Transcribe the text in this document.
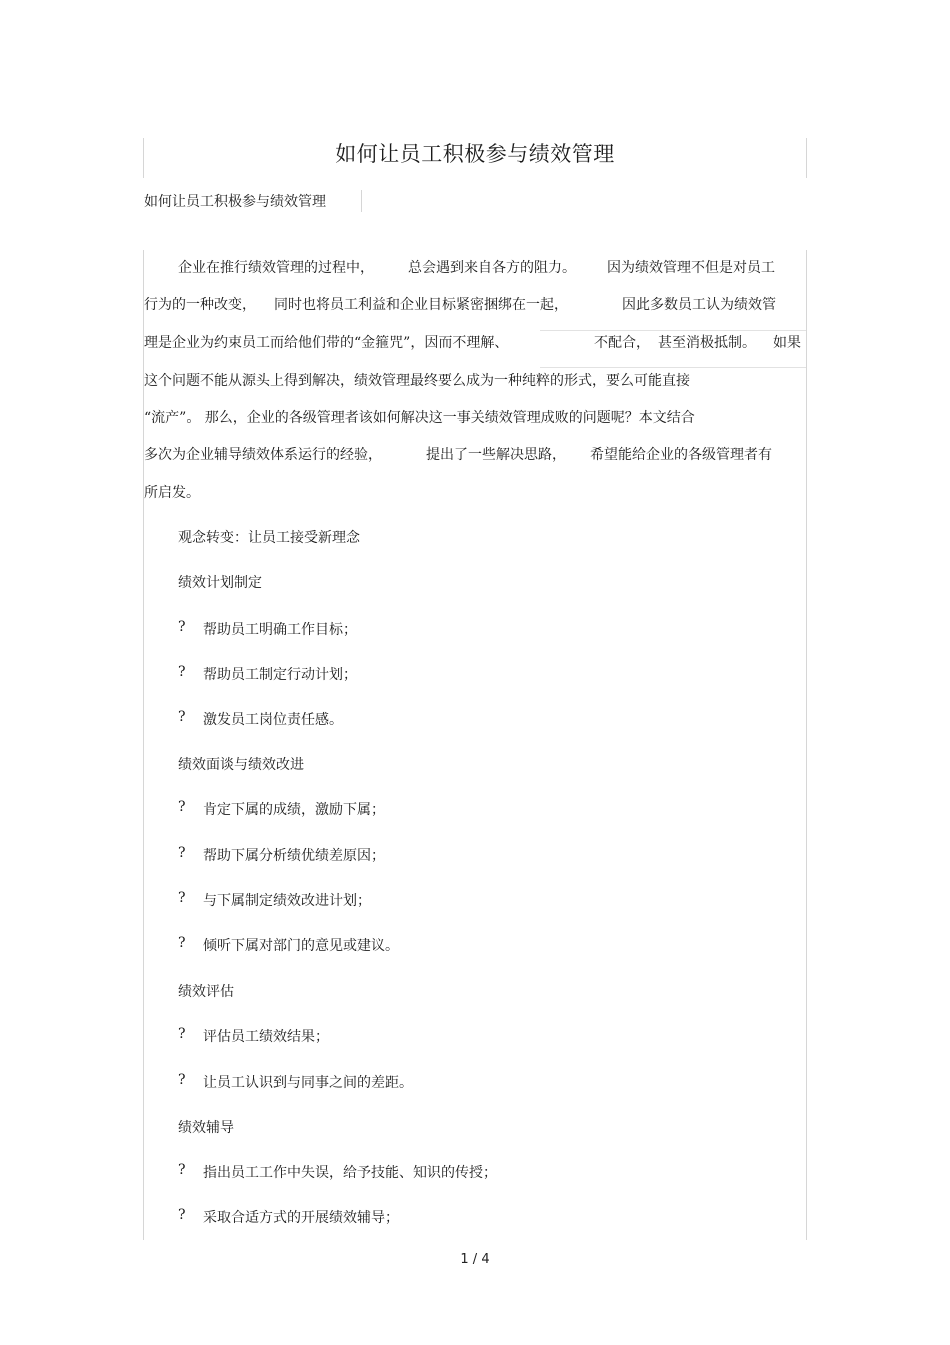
如何让员工积极参与绩效管理
如何让员工积极参与绩效管理
企业在推行绩效管理的过程中， 总会遇到来自各方的阻力。 因为绩效管理不但是对员工
行为的一种改变， 同时也将员工利益和企业目标紧密捆绑在一起，	因此多数员工认为绩效管
理是企业为约束员工而给他们带的“金箍咒”，因而不理解、	不配合， 甚至消极抵制。 如果
这个问题不能从源头上得到解决，绩效管理最终要么成为一种纯粹的形式，要么可能直接
“流产”。 那么，企业的各级管理者该如何解决这一事关绩效管理成败的问题呢？本文结合
多次为企业辅导绩效体系运行的经验，	提出了一些解决思路， 希望能给企业的各级管理者有
所启发。
观念转变：让员工接受新理念
绩效计划制定
? 帮助员工明确工作目标；
? 帮助员工制定行动计划；
? 激发员工岗位责任感。
绩效面谈与绩效改进
? 肯定下属的成绩，激励下属；
? 帮助下属分析绩优绩差原因；
? 与下属制定绩效改进计划；
? 倾听下属对部门的意见或建议。
绩效评估
? 评估员工绩效结果；
? 让员工认识到与同事之间的差距。
绩效辅导
? 指出员工工作中失误，给予技能、知识的传授；
? 采取合适方式的开展绩效辅导；
1 / 4
